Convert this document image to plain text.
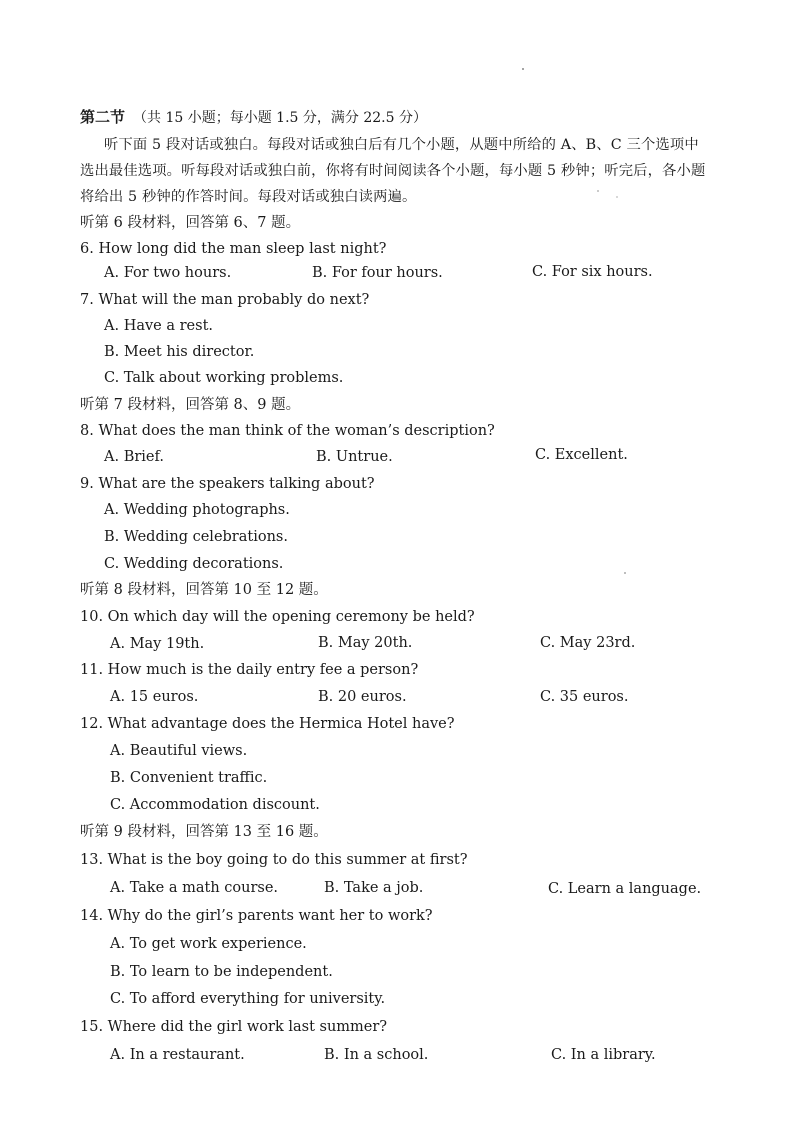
第二节 （共 15 小题；每小题 1.5 分，满分 22.5 分）
听下面 5 段对话或独白。每段对话或独白后有几个小题，从题中所给的 A、B、C 三个选项中
选出最佳选项。听每段对话或独白前，你将有时间阅读各个小题，每小题 5 秒钟；听完后，各小题
将给出 5 秒钟的作答时间。每段对话或独白读两遍。
听第 6 段材料，回答第 6、7 题。
6. How long did the man sleep last night?
A. For two hours.	B. For four hours.	C. For six hours.
7. What will the man probably do next?
A. Have a rest.
B. Meet his director.
C. Talk about working problems.
听第 7 段材料，回答第 8、9 题。
8. What does the man think of the woman’s description?
A. Brief.	B. Untrue.	C. Excellent.
9. What are the speakers talking about?
A. Wedding photographs.
B. Wedding celebrations.
C. Wedding decorations.
听第 8 段材料，回答第 10 至 12 题。
10. On which day will the opening ceremony be held?
A. May 19th.	B. May 20th.	C. May 23rd.
11. How much is the daily entry fee a person?
A. 15 euros.	B. 20 euros.	C. 35 euros.
12. What advantage does the Hermica Hotel have?
A. Beautiful views.
B. Convenient traffic.
C. Accommodation discount.
听第 9 段材料，回答第 13 至 16 题。
13. What is the boy going to do this summer at first?
A. Take a math course.	B. Take a job.	C. Learn a language.
14. Why do the girl’s parents want her to work?
A. To get work experience.
B. To learn to be independent.
C. To afford everything for university.
15. Where did the girl work last summer?
A. In a restaurant.	B. In a school.	C. In a library.
